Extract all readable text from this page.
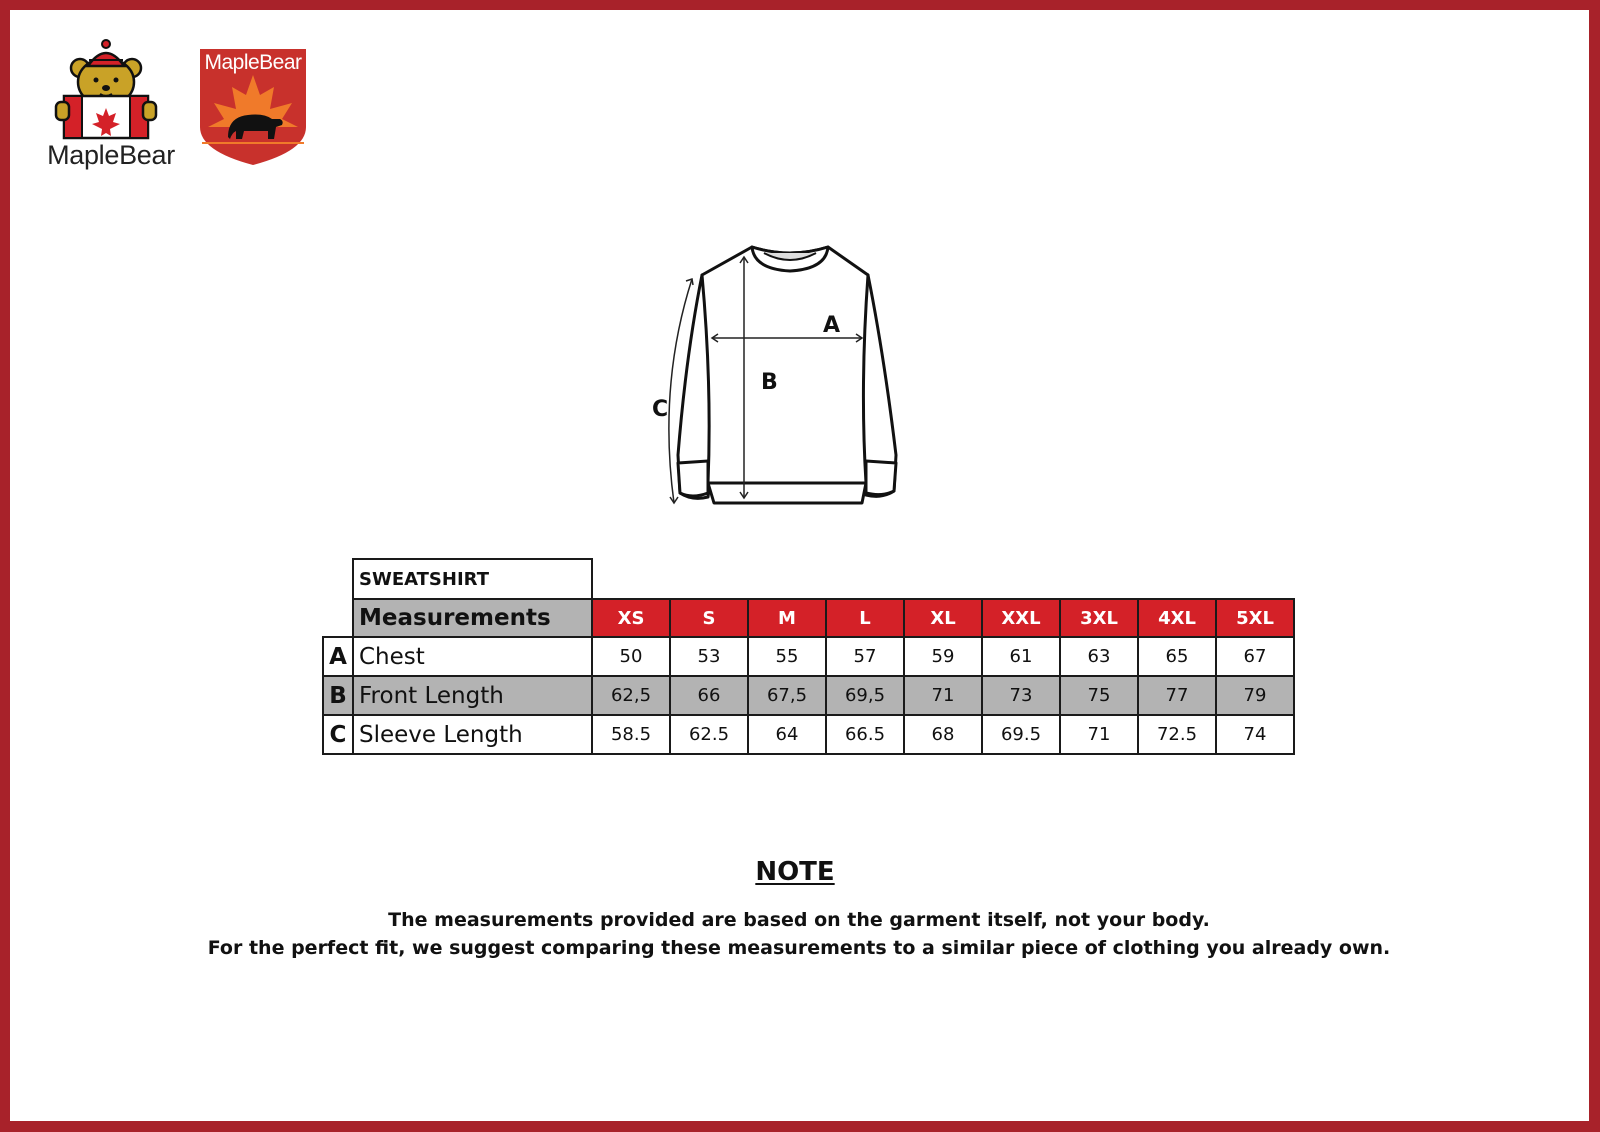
MapleBear
MapleBear
A
B
C
	SWEATSHIRT									
	Measurements	XS	S	M	L	XL	XXL	3XL	4XL	5XL
A	Chest	50	53	55	57	59	61	63	65	67
B	Front Length	62,5	66	67,5	69,5	71	73	75	77	79
C	Sleeve Length	58.5	62.5	64	66.5	68	69.5	71	72.5	74
NOTE
The measurements provided are based on the garment itself, not your body.
For the perfect fit, we suggest comparing these measurements to a similar piece of clothing you already own.
